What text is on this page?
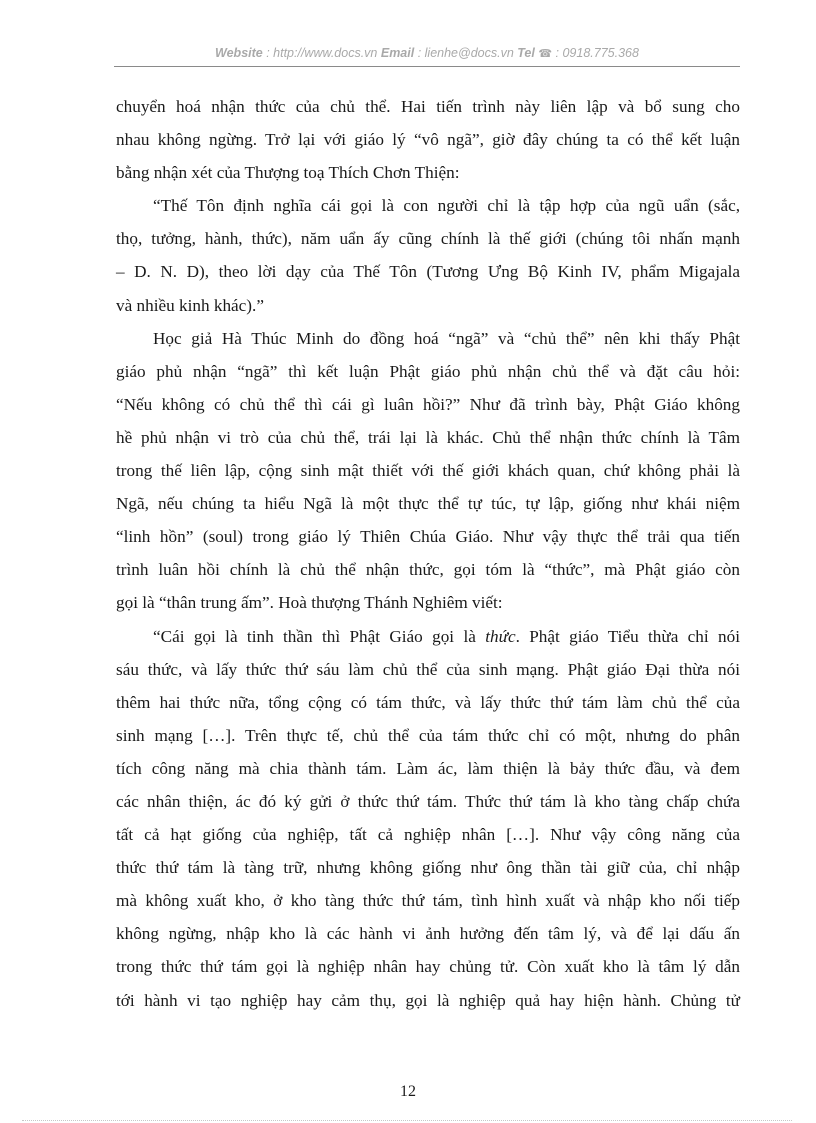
Website : http://www.docs.vn Email : lienhe@docs.vn Tel ☎ : 0918.775.368
chuyển hoá nhận thức của chủ thể. Hai tiến trình này liên lập và bổ sung cho
nhau không ngừng. Trở lại với giáo lý “vô ngã”, giờ đây chúng ta có thể kết luận
bằng nhận xét của Thượng toạ Thích Chơn Thiện:
“Thế Tôn định nghĩa cái gọi là con người chỉ là tập hợp của ngũ uẩn (sắc,
thọ, tưởng, hành, thức), năm uẩn ấy cũng chính là thế giới (chúng tôi nhấn mạnh
– D. N. D), theo lời dạy của Thế Tôn (Tương Ưng Bộ Kinh IV, phẩm Migajala
và nhiều kinh khác).”
Học giả Hà Thúc Minh do đồng hoá “ngã” và “chủ thể” nên khi thấy Phật
giáo phủ nhận “ngã” thì kết luận Phật giáo phủ nhận chủ thể và đặt câu hỏi:
“Nếu không có chủ thể thì cái gì luân hồi?” Như đã trình bày, Phật Giáo không
hề phủ nhận vi trò của chủ thể, trái lại là khác. Chủ thể nhận thức chính là Tâm
trong thế liên lập, cộng sinh mật thiết với thế giới khách quan, chứ không phải là
Ngã, nếu chúng ta hiểu Ngã là một thực thể tự túc, tự lập, giống như khái niệm
“linh hồn” (soul) trong giáo lý Thiên Chúa Giáo. Như vậy thực thể trải qua tiến
trình luân hồi chính là chủ thể nhận thức, gọi tóm là “thức”, mà Phật giáo còn
gọi là “thân trung ấm”. Hoà thượng Thánh Nghiêm viết:
“Cái gọi là tinh thần thì Phật Giáo gọi là thức. Phật giáo Tiểu thừa chỉ nói
sáu thức, và lấy thức thứ sáu làm chủ thể của sinh mạng. Phật giáo Đại thừa nói
thêm hai thức nữa, tổng cộng có tám thức, và lấy thức thứ tám làm chủ thể của
sinh mạng […]. Trên thực tế, chủ thể của tám thức chỉ có một, nhưng do phân
tích công năng mà chia thành tám. Làm ác, làm thiện là bảy thức đầu, và đem
các nhân thiện, ác đó ký gửi ở thức thứ tám. Thức thứ tám là kho tàng chấp chứa
tất cả hạt giống của nghiệp, tất cả nghiệp nhân […]. Như vậy công năng của
thức thứ tám là tàng trữ, nhưng không giống như ông thần tài giữ của, chỉ nhập
mà không xuất kho, ở kho tàng thức thứ tám, tình hình xuất và nhập kho nối tiếp
không ngừng, nhập kho là các hành vi ảnh hưởng đến tâm lý, và để lại dấu ấn
trong thức thứ tám gọi là nghiệp nhân hay chủng tử. Còn xuất kho là tâm lý dẫn
tới hành vi tạo nghiệp hay cảm thụ, gọi là nghiệp quả hay hiện hành. Chủng tử
12
